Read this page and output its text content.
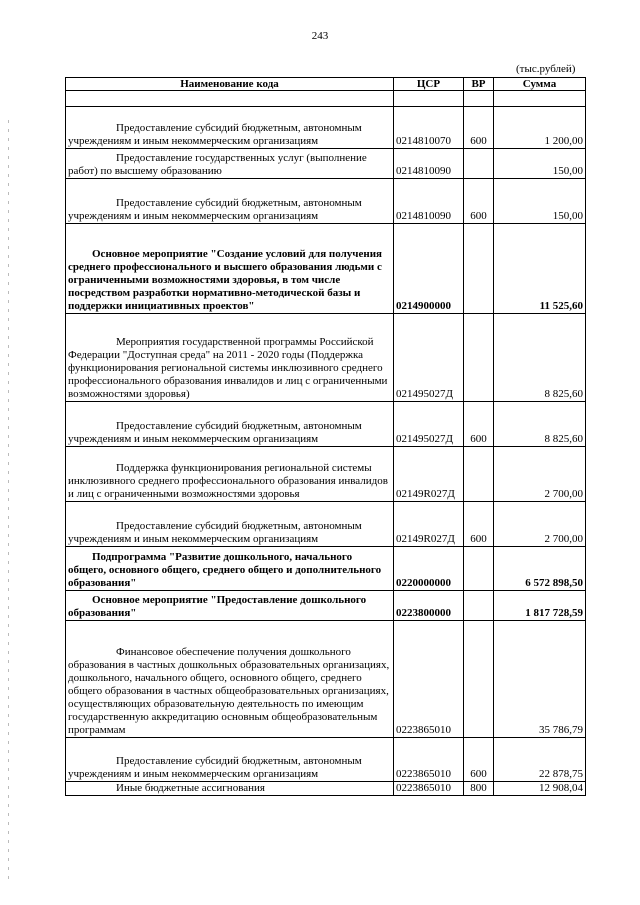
243
(тыс.рублей)
Наименование кода	ЦСР	ВР	Сумма

Предоставление субсидий бюджетным, автономным учреждениям и иным некоммерческим организациям	0214810070	600	1 200,00
Предоставление государственных услуг (выполнение работ) по высшему образованию	0214810090		150,00
Предоставление субсидий бюджетным, автономным учреждениям и иным некоммерческим организациям	0214810090	600	150,00
Основное мероприятие "Создание условий для получения среднего профессионального и высшего образования людьми с ограниченными возможностями здоровья, в том числе посредством разработки нормативно-методической базы и поддержки инициативных проектов"	0214900000		11 525,60
Мероприятия государственной программы Российской Федерации "Доступная среда" на 2011 - 2020 годы (Поддержка функционирования региональной системы инклюзивного среднего профессионального образования инвалидов и лиц с ограниченными возможностями здоровья)	021495027Д		8 825,60
Предоставление субсидий бюджетным, автономным учреждениям и иным некоммерческим организациям	021495027Д	600	8 825,60
Поддержка функционирования региональной системы инклюзивного среднего профессионального образования инвалидов и лиц с ограниченными возможностями здоровья	02149R027Д		2 700,00
Предоставление субсидий бюджетным, автономным учреждениям и иным некоммерческим организациям	02149R027Д	600	2 700,00
Подпрограмма "Развитие дошкольного, начального общего, основного общего, среднего общего и дополнительного образования"	0220000000		6 572 898,50
Основное мероприятие "Предоставление дошкольного образования"	0223800000		1 817 728,59
Финансовое обеспечение получения дошкольного образования в частных дошкольных образовательных организациях, дошкольного, начального общего, основного общего, среднего общего образования в частных общеобразовательных организациях, осуществляющих образовательную деятельность по имеющим государственную аккредитацию основным общеобразовательным программам	0223865010		35 786,79
Предоставление субсидий бюджетным, автономным учреждениям и иным некоммерческим организациям	0223865010	600	22 878,75
Иные бюджетные ассигнования	0223865010	800	12 908,04
